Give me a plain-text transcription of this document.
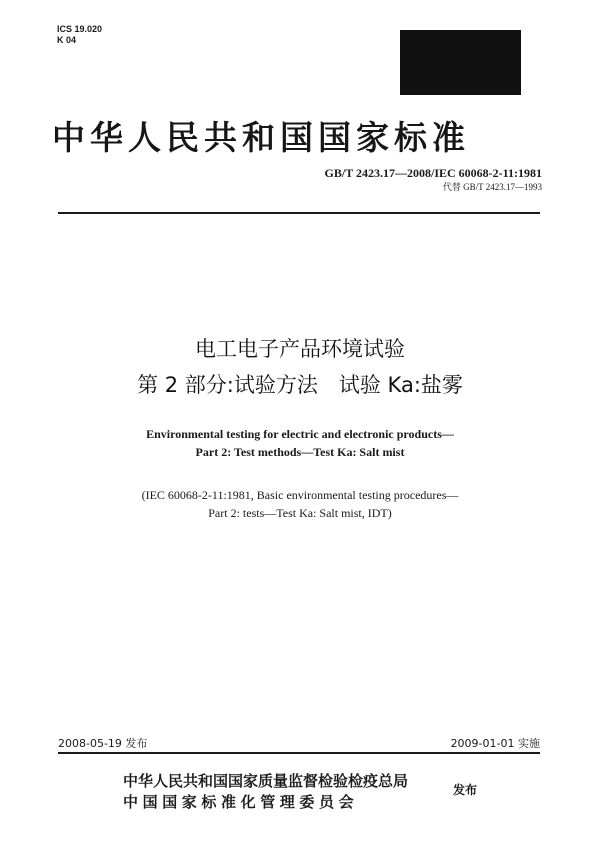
ICS 19.020
K 04
中华人民共和国国家标准
GB/T 2423.17—2008/IEC 60068-2-11:1981
代替 GB/T 2423.17—1993
电工电子产品环境试验
第 2 部分:试验方法　试验 Ka:盐雾
Environmental testing for electric and electronic products—
Part 2: Test methods—Test Ka: Salt mist
(IEC 60068-2-11:1981, Basic environmental testing procedures—
Part 2: tests—Test Ka: Salt mist, IDT)
2008-05-19 发布	2009-01-01 实施
中华人民共和国国家质量监督检验检疫总局
中国国家标准化管理委员会
发布
